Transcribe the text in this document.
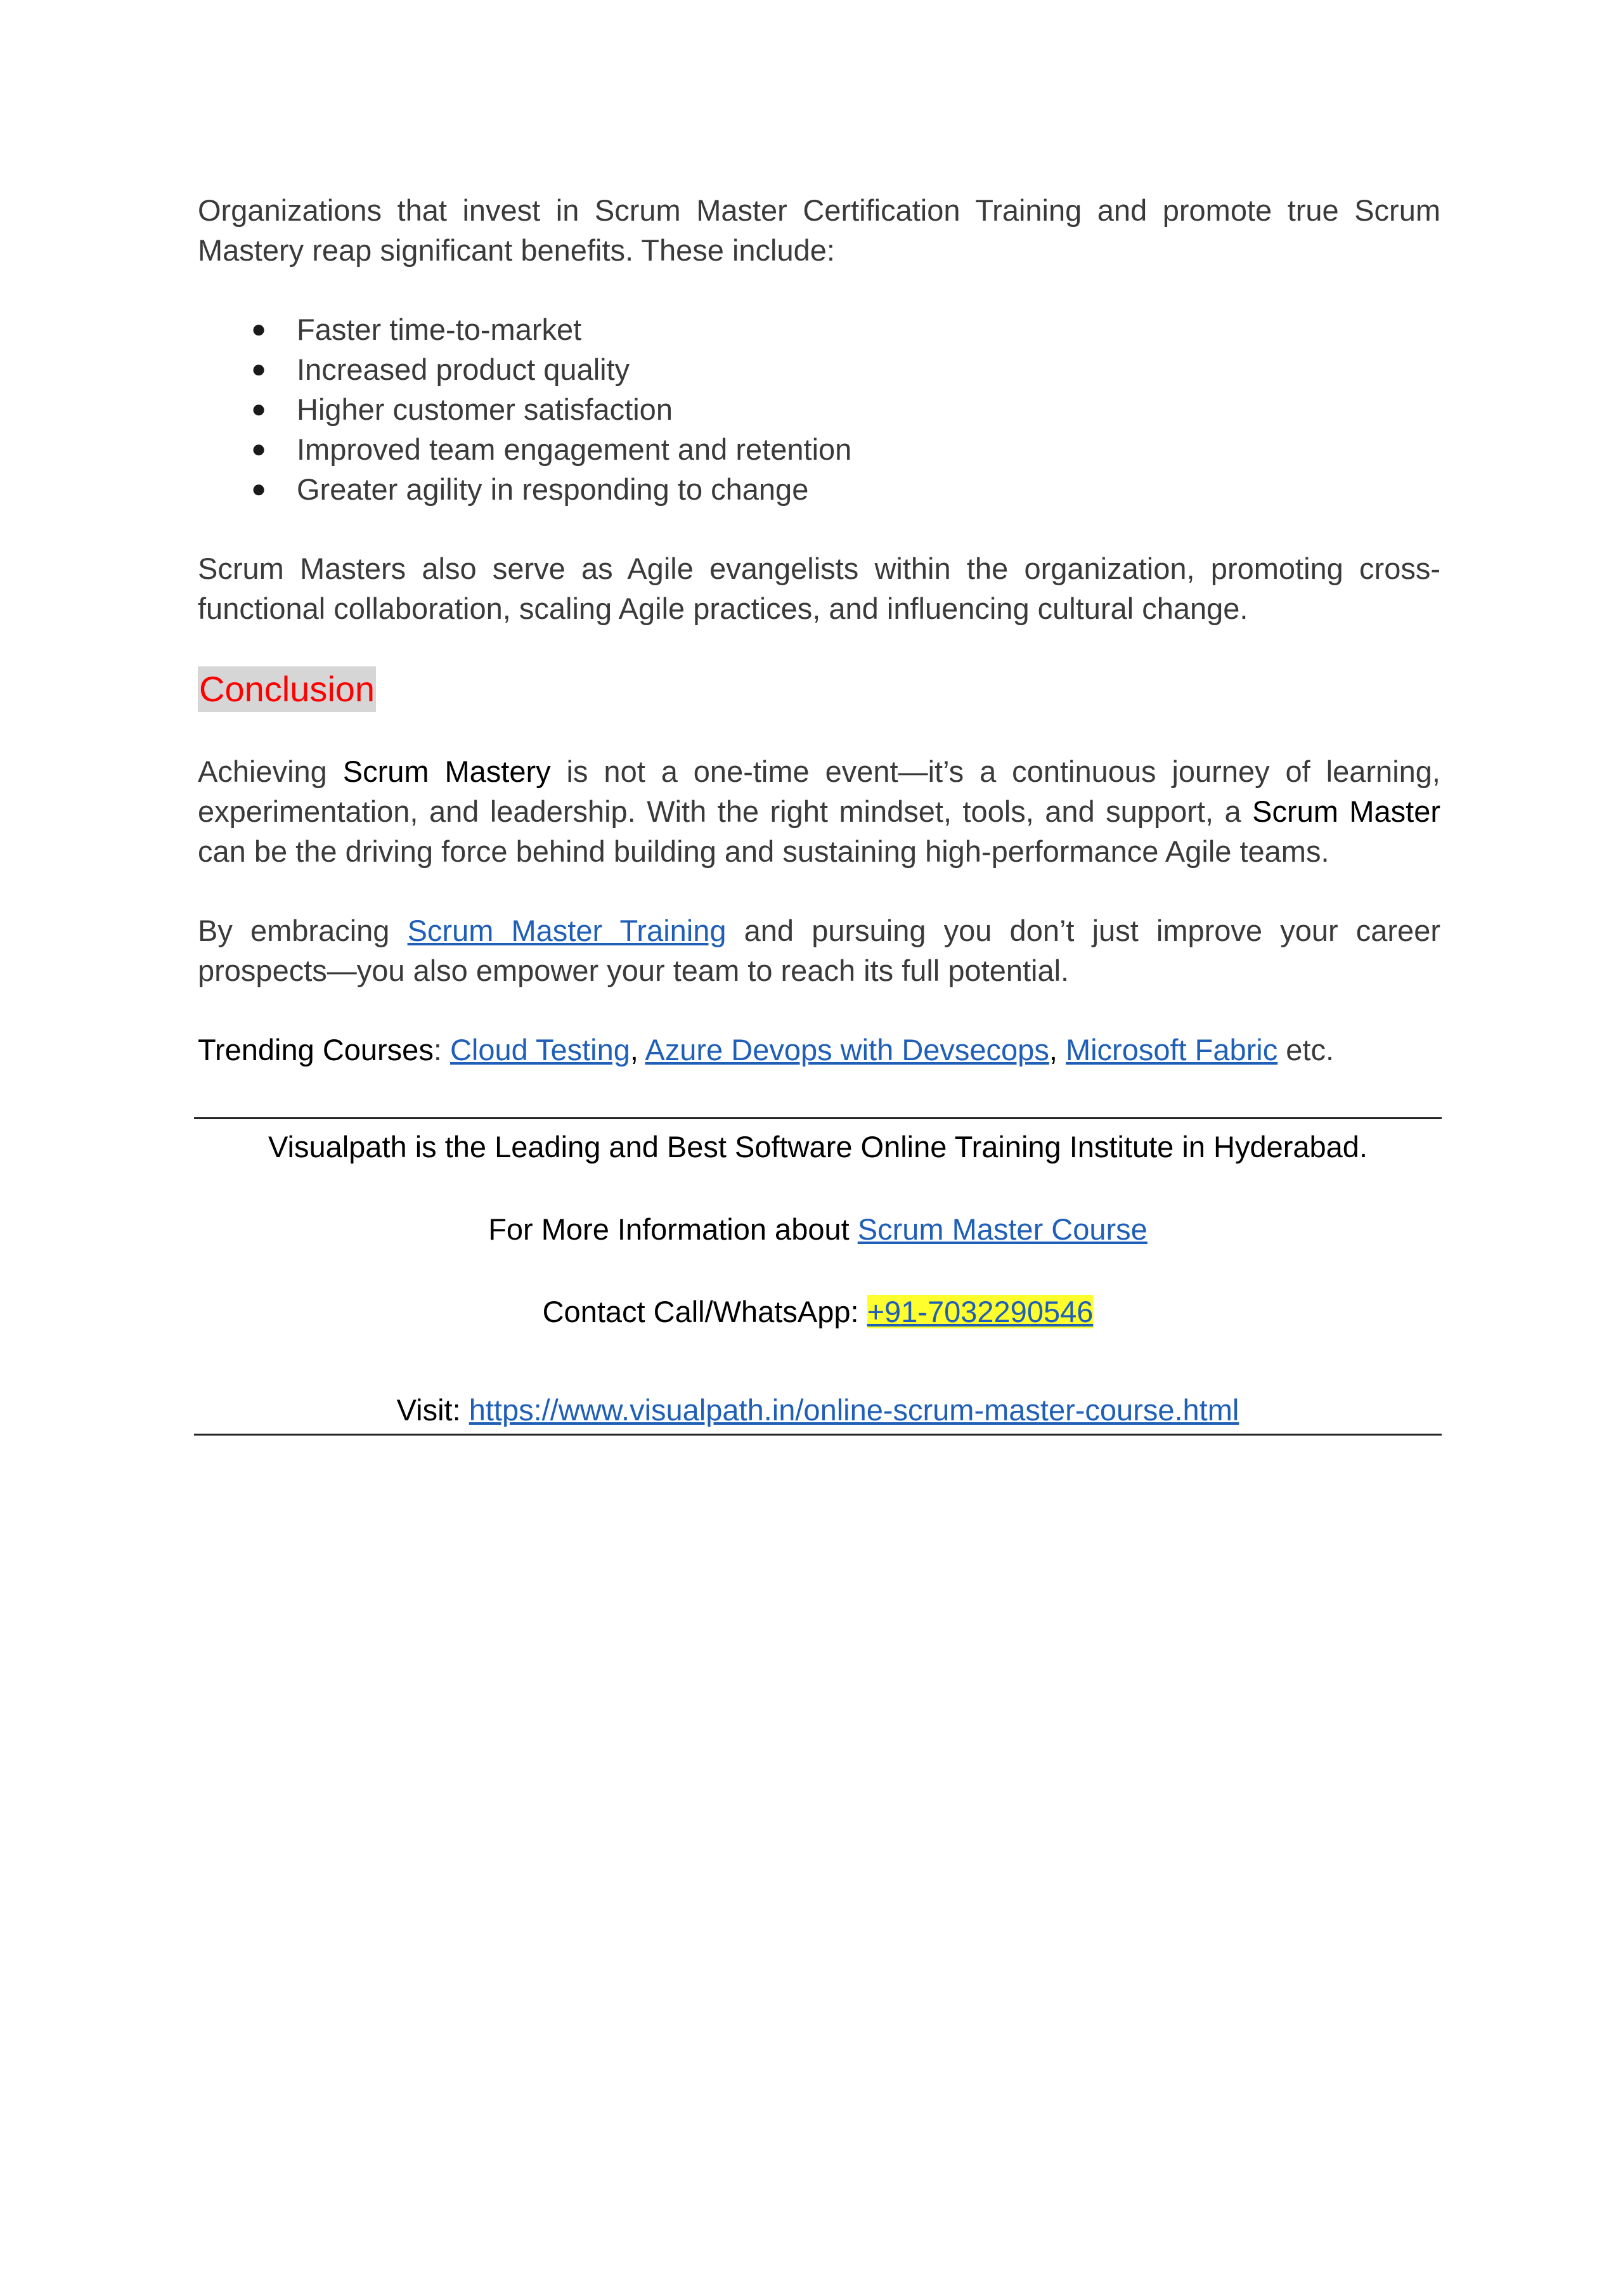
Organizations that invest in Scrum Master Certification Training and promote true Scrum Mastery reap significant benefits. These include:

● Faster time-to-market
● Increased product quality
● Higher customer satisfaction
● Improved team engagement and retention
● Greater agility in responding to change

Scrum Masters also serve as Agile evangelists within the organization, promoting cross-functional collaboration, scaling Agile practices, and influencing cultural change.

Conclusion

Achieving Scrum Mastery is not a one-time event—it’s a continuous journey of learning, experimentation, and leadership. With the right mindset, tools, and support, a Scrum Master can be the driving force behind building and sustaining high-performance Agile teams.

By embracing Scrum Master Training and pursuing you don’t just improve your career prospects—you also empower your team to reach its full potential.

Trending Courses: Cloud Testing, Azure Devops with Devsecops, Microsoft Fabric etc.

Visualpath is the Leading and Best Software Online Training Institute in Hyderabad.
For More Information about Scrum Master Course
Contact Call/WhatsApp: +91-7032290546
Visit: https://www.visualpath.in/online-scrum-master-course.html
